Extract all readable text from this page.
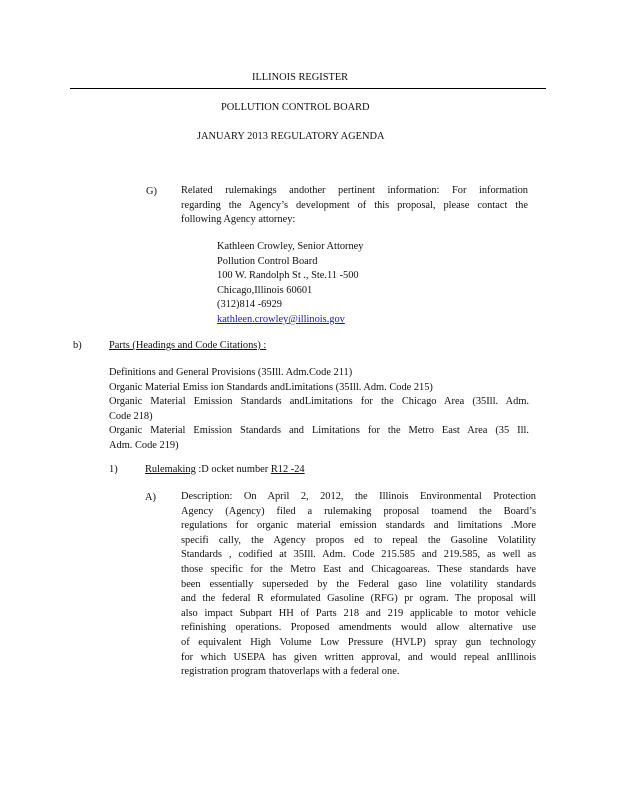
ILLINOIS REGISTER
POLLUTION CONTROL BOARD
JANUARY 2013 REGULATORY AGENDA
G) Related rulemakings andother pertinent information: For information
regarding the Agency’s development of this proposal, please contact the
following Agency attorney:
Kathleen Crowley, Senior Attorney
Pollution Control Board
100 W. Randolph St ., Ste.11 -500
Chicago,Illinois 60601
(312)814 -6929
kathleen.crowley@illinois.gov
b)	Parts (Headings and Code Citations) :
Definitions and General Provisions (35Ill. Adm.Code 211)
Organic Material Emiss ion Standards andLimitations (35Ill. Adm. Code 215)
Organic Material Emission Standards andLimitations for the Chicago Area (35Ill. Adm.
Code 218)
Organic Material Emission Standards and Limitations for the Metro East Area (35 Ill.
Adm. Code 219)
1)	Rulemaking :D ocket number R12 -24
A) Description: On April 2, 2012, the Illinois Environmental Protection
Agency (Agency) filed a rulemaking proposal toamend the Board’s
regulations for organic material emission standards and limitations .More
specifi cally, the Agency propos ed to repeal the Gasoline Volatility
Standards , codified at 35Ill. Adm. Code 215.585 and 219.585, as well as
those specific for the Metro East and Chicagoareas. These standards have
been essentially superseded by the Federal gaso line volatility standards
and the federal R eformulated Gasoline (RFG) pr ogram. The proposal will
also impact Subpart HH of Parts 218 and 219 applicable to motor vehicle
refinishing operations. Proposed amendments would allow alternative use
of equivalent High Volume Low Pressure (HVLP) spray gun technology
for which USEPA has given written approval, and would repeal anIllinois
registration program thatoverlaps with a federal one.
